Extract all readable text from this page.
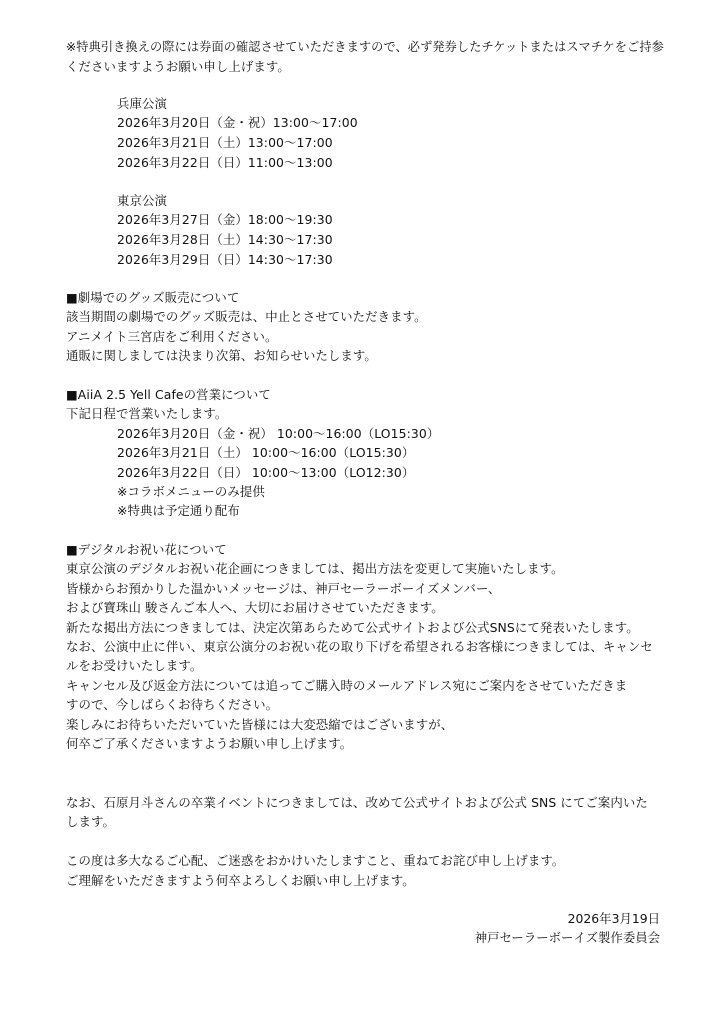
※特典引き換えの際には券面の確認させていただきますので、必ず発券したチケットまたはスマチケをご持参
くださいますようお願い申し上げます。
兵庫公演
2026年3月20日（金・祝）13:00〜17:00
2026年3月21日（土）13:00〜17:00
2026年3月22日（日）11:00〜13:00
東京公演
2026年3月27日（金）18:00〜19:30
2026年3月28日（土）14:30〜17:30
2026年3月29日（日）14:30〜17:30
■劇場でのグッズ販売について
該当期間の劇場でのグッズ販売は、中止とさせていただきます。
アニメイト三宮店をご利用ください。
通販に関しましては決まり次第、お知らせいたします。
■AiiA 2.5 Yell Cafeの営業について
下記日程で営業いたします。
2026年3月20日（金・祝） 10:00〜16:00（LO15:30）
2026年3月21日（土） 10:00〜16:00（LO15:30）
2026年3月22日（日） 10:00〜13:00（LO12:30）
※コラボメニューのみ提供
※特典は予定通り配布
■デジタルお祝い花について
東京公演のデジタルお祝い花企画につきましては、掲出方法を変更して実施いたします。
皆様からお預かりした温かいメッセージは、神戸セーラーボーイズメンバー、
および寶珠山 駿さんご本人へ、大切にお届けさせていただきます。
新たな掲出方法につきましては、決定次第あらためて公式サイトおよび公式SNSにて発表いたします。
なお、公演中止に伴い、東京公演分のお祝い花の取り下げを希望されるお客様につきましては、キャンセ
ルをお受けいたします。
キャンセル及び返金方法については追ってご購入時のメールアドレス宛にご案内をさせていただきま
すので、今しばらくお待ちください。
楽しみにお待ちいただいていた皆様には大変恐縮ではございますが、
何卒ご了承くださいますようお願い申し上げます。
なお、石原月斗さんの卒業イベントにつきましては、改めて公式サイトおよび公式 SNS にてご案内いた
します。
この度は多大なるご心配、ご迷惑をおかけいたしますこと、重ねてお詫び申し上げます。
ご理解をいただきますよう何卒よろしくお願い申し上げます。
2026年3月19日
神戸セーラーボーイズ製作委員会
